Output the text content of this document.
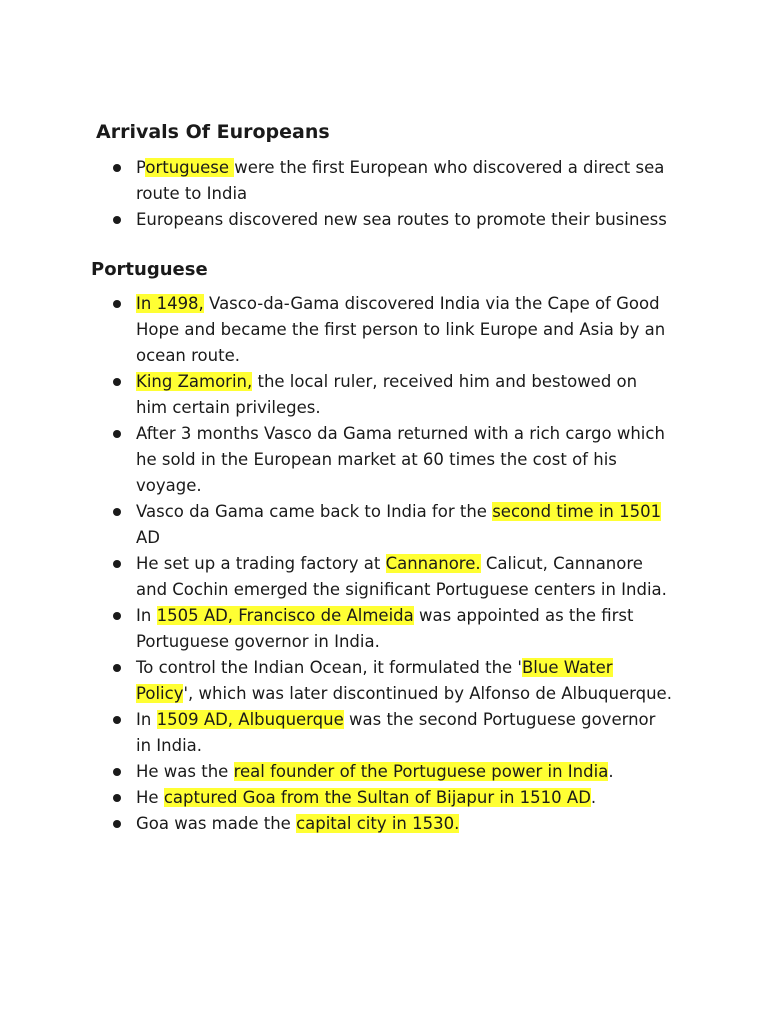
Arrivals Of Europeans
Portuguese were the first European who discovered a direct sea route to India
Europeans discovered new sea routes to promote their business
Portuguese
In 1498, Vasco-da-Gama discovered India via the Cape of Good Hope and became the first person to link Europe and Asia by an ocean route.
King Zamorin, the local ruler, received him and bestowed on him certain privileges.
After 3 months Vasco da Gama returned with a rich cargo which he sold in the European market at 60 times the cost of his voyage.
Vasco da Gama came back to India for the second time in 1501 AD
He set up a trading factory at Cannanore. Calicut, Cannanore and Cochin emerged the significant Portuguese centers in India.
In 1505 AD, Francisco de Almeida was appointed as the first Portuguese governor in India.
To control the Indian Ocean, it formulated the 'Blue Water Policy', which was later discontinued by Alfonso de Albuquerque.
In 1509 AD, Albuquerque was the second Portuguese governor in India.
He was the real founder of the Portuguese power in India.
He captured Goa from the Sultan of Bijapur in 1510 AD.
Goa was made the capital city in 1530.
